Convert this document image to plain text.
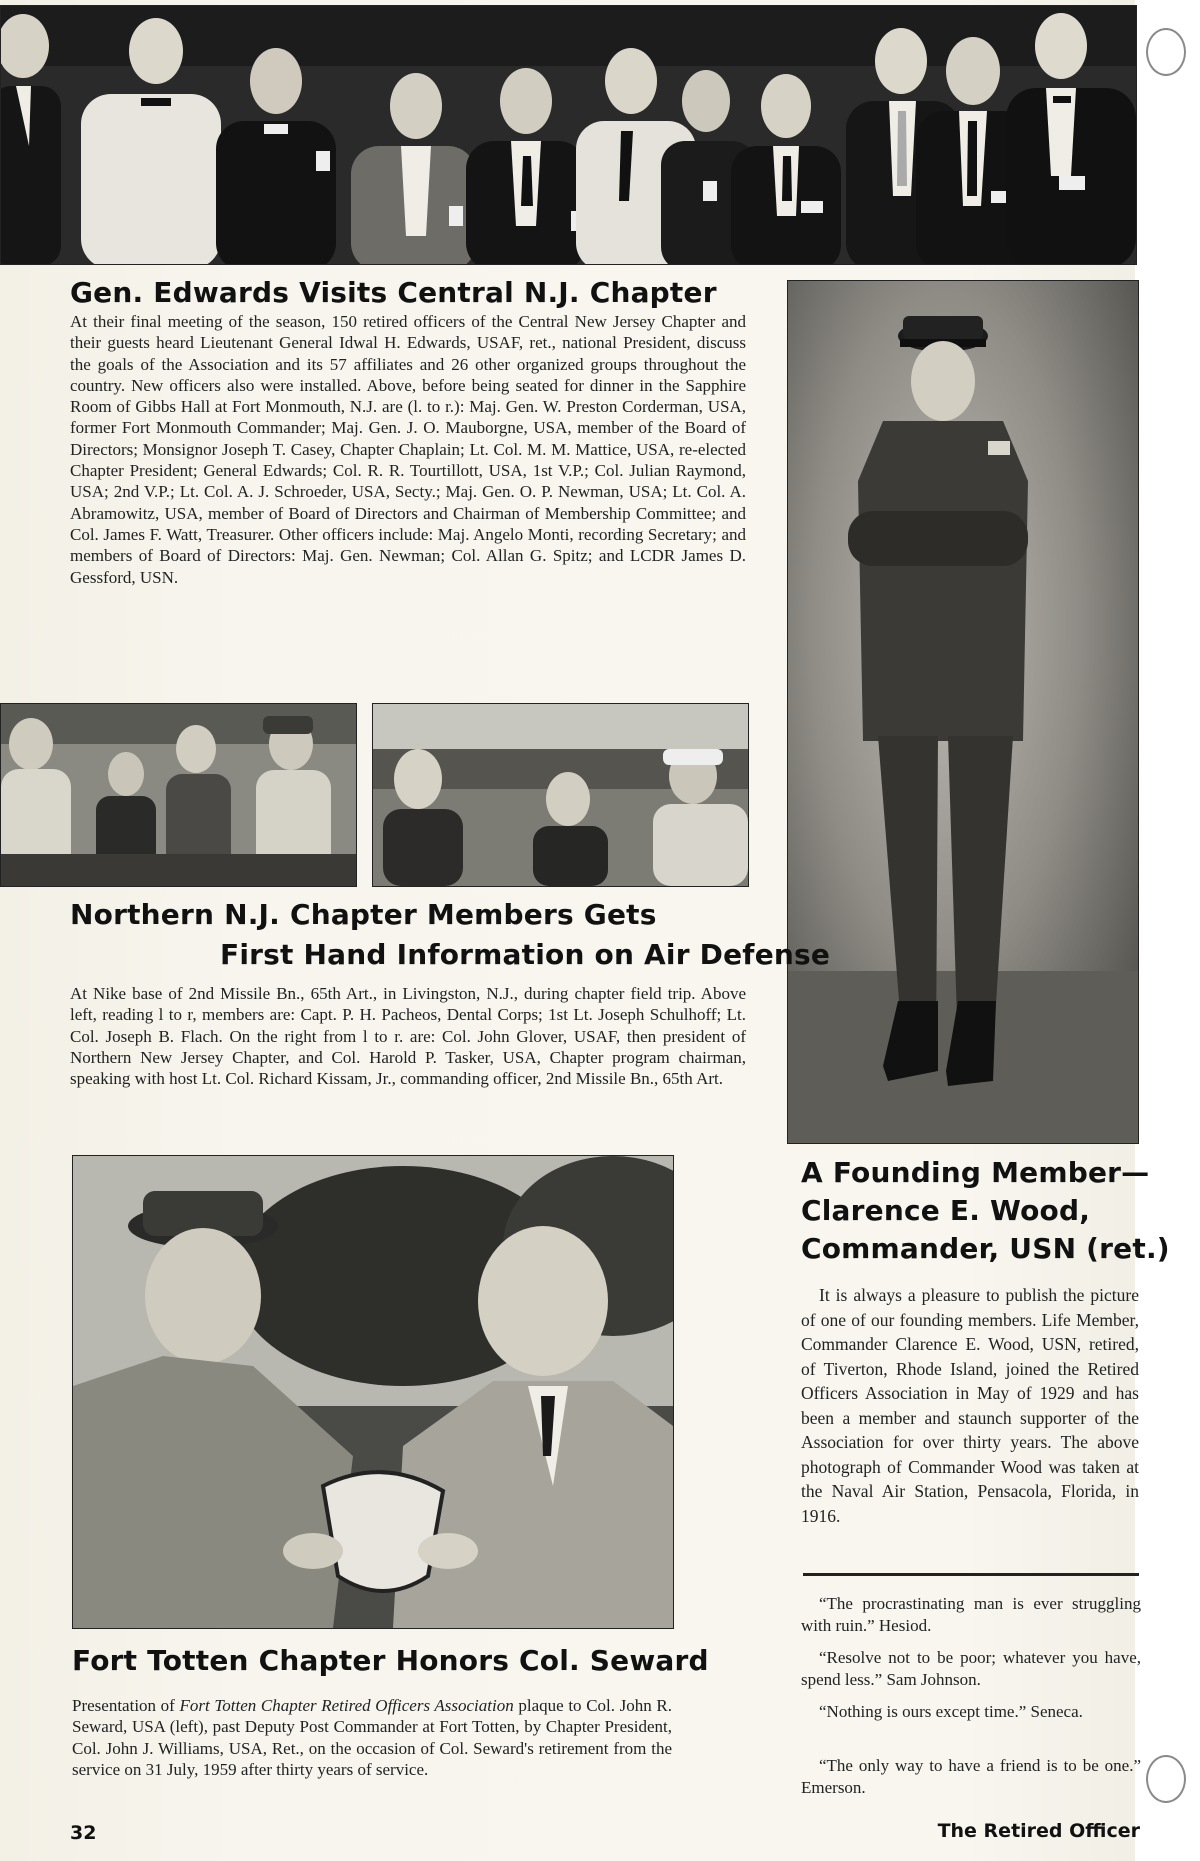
Gen. Edwards Visits Central N.J. Chapter

At their final meeting of the season, 150 retired officers of the Central New Jersey Chapter and their guests heard Lieutenant General Idwal H. Edwards, USAF, ret., national President, discuss the goals of the Association and its 57 affiliates and 26 other organized groups throughout the country. New officers also were installed. Above, before being seated for dinner in the Sapphire Room of Gibbs Hall at Fort Monmouth, N.J. are (l. to r.): Maj. Gen. W. Preston Corderman, USA, former Fort Monmouth Commander; Maj. Gen. J. O. Mauborgne, USA, member of the Board of Directors; Monsignor Joseph T. Casey, Chapter Chaplain; Lt. Col. M. M. Mattice, USA, re-elected Chapter President; General Edwards; Col. R. R. Tourtillott, USA, 1st V.P.; Col. Julian Raymond, USA; 2nd V.P.; Lt. Col. A. J. Schroeder, USA, Secty.; Maj. Gen. O. P. Newman, USA; Lt. Col. A. Abramowitz, USA, member of Board of Directors and Chairman of Membership Committee; and Col. James F. Watt, Treasurer. Other officers include: Maj. Angelo Monti, recording Secretary; and members of Board of Directors: Maj. Gen. Newman; Col. Allan G. Spitz; and LCDR James D. Gessford, USN.

Northern N.J. Chapter Members Gets
First Hand Information on Air Defense

At Nike base of 2nd Missile Bn., 65th Art., in Livingston, N.J., during chapter field trip. Above left, reading l to r, members are: Capt. P. H. Pacheos, Dental Corps; 1st Lt. Joseph Schulhoff; Lt. Col. Joseph B. Flach. On the right from l to r. are: Col. John Glover, USAF, then president of Northern New Jersey Chapter, and Col. Harold P. Tasker, USA, Chapter program chairman, speaking with host Lt. Col. Richard Kissam, Jr., commanding officer, 2nd Missile Bn., 65th Art.

Fort Totten Chapter Honors Col. Seward

Presentation of Fort Totten Chapter Retired Officers Association plaque to Col. John R. Seward, USA (left), past Deputy Post Commander at Fort Totten, by Chapter President, Col. John J. Williams, USA, Ret., on the occasion of Col. Seward's retirement from the service on 31 July, 1959 after thirty years of service.

A Founding Member—
Clarence E. Wood,
Commander, USN (ret.)

It is always a pleasure to publish the picture of one of our founding members. Life Member, Commander Clarence E. Wood, USN, retired, of Tiverton, Rhode Island, joined the Retired Officers Association in May of 1929 and has been a member and staunch supporter of the Association for over thirty years. The above photograph of Commander Wood was taken at the Naval Air Station, Pensacola, Florida, in 1916.

“The procrastinating man is ever struggling with ruin.” Hesiod.

“Resolve not to be poor; whatever you have, spend less.” Sam Johnson.

“Nothing is ours except time.” Seneca.

“The only way to have a friend is to be one.” Emerson.

32	The Retired Officer
